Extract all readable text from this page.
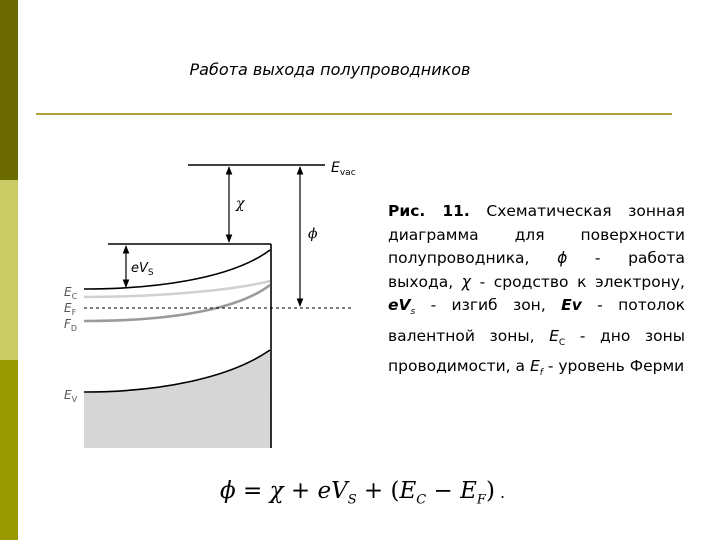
Работа выхода полупроводников
$E_{vac}$
χ
ϕ
$eV_S$
$E_C$
$E_F$
$F_D$
$E_V$
Рис. 11. Схематическая зонная диаграмма для поверхности полупроводника, ϕ - работа выхода, χ - сродство к электрону, $eV_s$ - изгиб зон, Ev - потолок валентной зоны, $E_C$ - дно зоны проводимости, а $E_f$ - уровень Ферми
$\phi = \chi + eV_S + (E_C - E_F)$ .
